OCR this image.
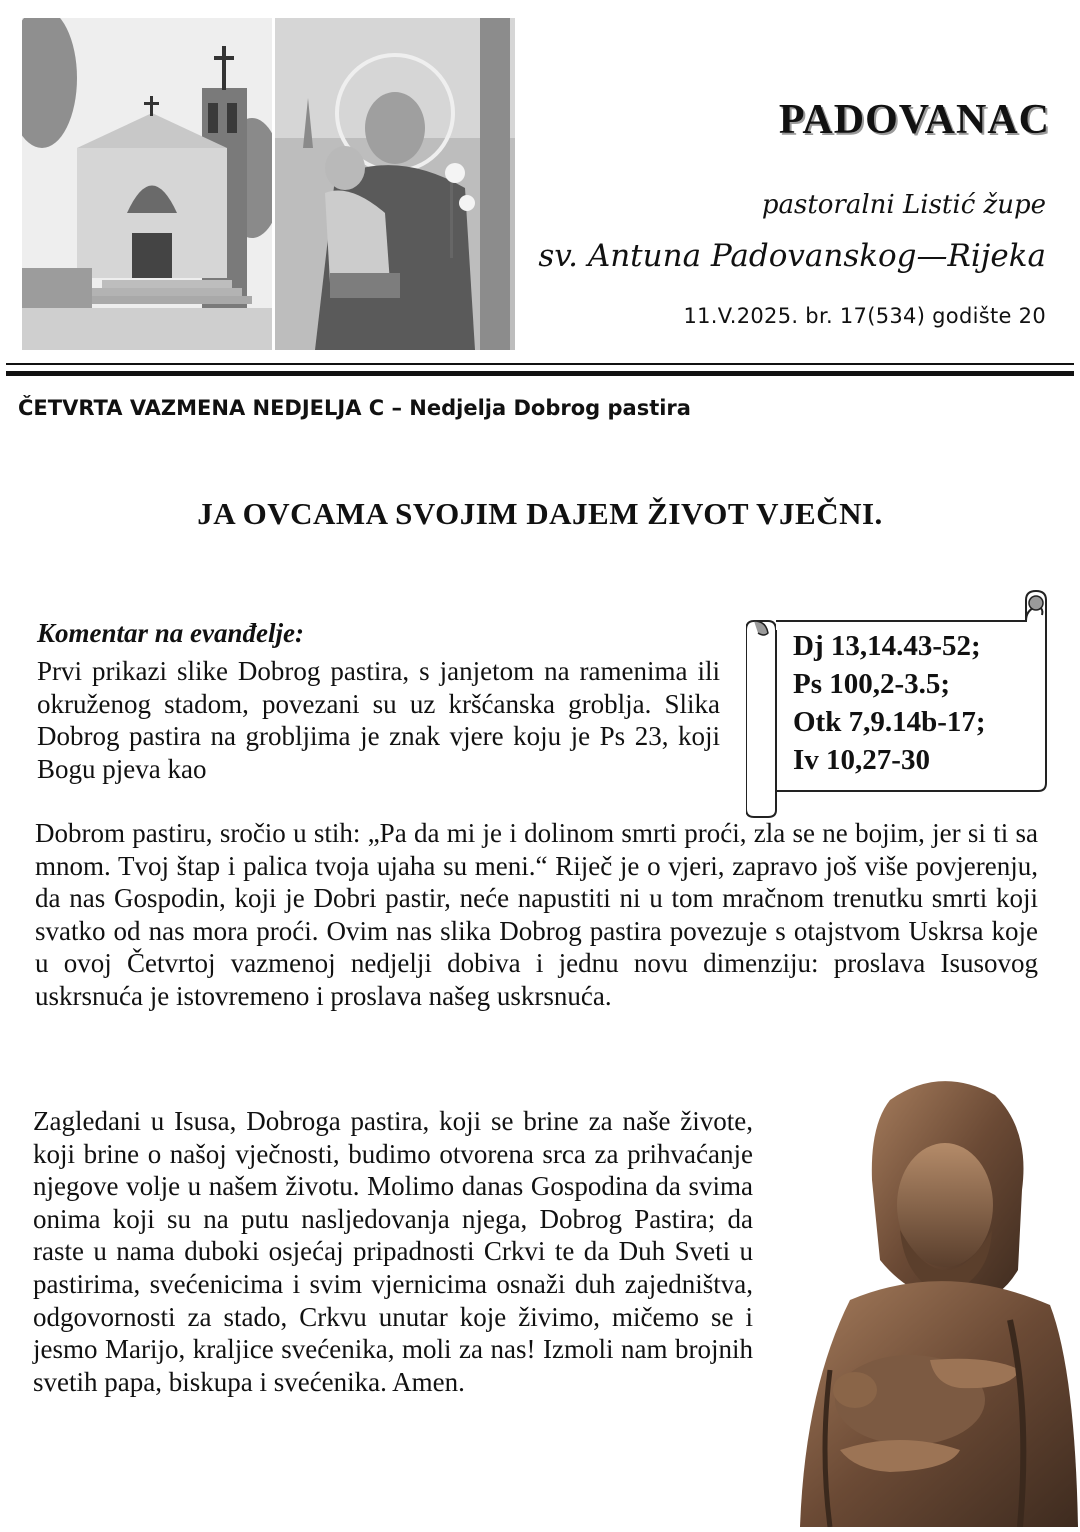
PADOVANAC
pastoralni Listić župe
sv. Antuna Padovanskog—Rijeka
11.V.2025. br. 17(534) godište 20
ČETVRTA VAZMENA NEDJELJA C – Nedjelja Dobrog pastira
JA OVCAMA SVOJIM DAJEM ŽIVOT VJEČNI.
Dj 13,14.43-52;
Ps 100,2-3.5;
Otk 7,9.14b-17;
Iv 10,27-30
Komentar na evanđelje:

Prvi prikazi slike Dobrog pastira, s janjetom na ramenima ili okruženog stadom, povezani su uz kršćanska groblja. Slika Dobrog pastira na grobljima je znak vjere koju je Ps 23, koji Bogu pjeva kao

Dobrom pastiru, sročio u stih: „Pa da mi je i dolinom smrti proći, zla se ne bojim, jer si ti sa mnom. Tvoj štap i palica tvoja ujaha su meni.“ Riječ je o vjeri, zapravo još više povjerenju, da nas Gospodin, koji je Dobri pastir, neće napustiti ni u tom mračnom trenutku smrti koji svatko od nas mora proći. Ovim nas slika Dobrog pastira povezuje s otajstvom Uskrsa koje u ovoj Četvrtoj vazmenoj nedjelji dobiva i jednu novu dimenziju: proslava Isusovog uskrsnuća je istovremeno i proslava našeg uskrsnuća.

Zagledani u Isusa, Dobroga pastira, koji se brine za naše živote, koji brine o našoj vječnosti, budimo otvorena srca za prihvaćanje njegove volje u našem životu. Molimo danas Gospodina da svima onima koji su na putu nasljedovanja njega, Dobrog Pastira; da raste u nama duboki osjećaj pripadnosti Crkvi te da Duh Sveti u pastirima, svećenicima i svim vjernicima osnaži duh zajedništva, odgovornosti za stado, Crkvu unutar koje živimo, mičemo se i jesmo Marijo, kraljice svećenika, moli za nas! Izmoli nam brojnih svetih papa, biskupa i svećenika. Amen.
